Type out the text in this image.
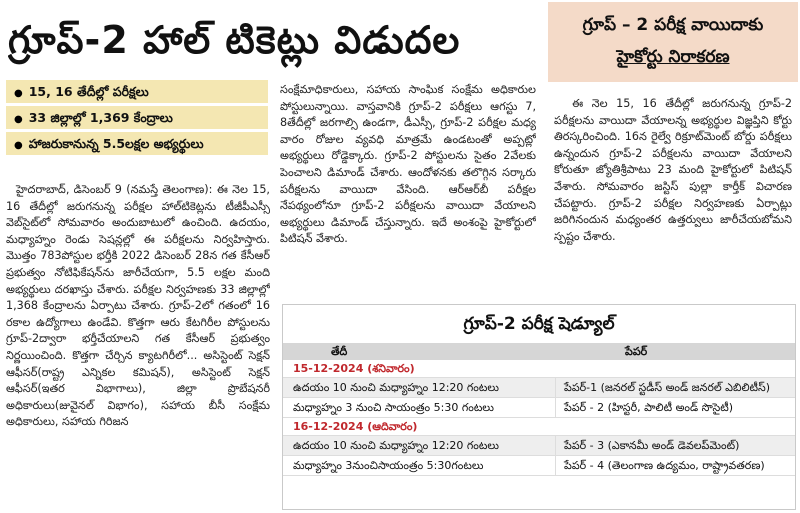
గ్రూప్‌-2 హాల్‌ టికెట్లు విడుదల
● 15, 16 తేదీల్లో పరీక్షలు
● 33 జిల్లాల్లో 1,369 కేంద్రాలు
● హాజరుకానున్న 5.5లక్షల అభ్యర్థులు

హైదరాబాద్‌, డిసెంబర్‌ 9 (నమస్తే తెలంగాణ): ఈ నెల 15, 16 తేదీల్లో జరుగనున్న పరీక్షల హాల్‌టికెట్లను టీజీపీఎస్సీ వెబ్‌సైట్‌లో సోమవారం అందుబాటులో ఉంచింది. ఉదయం, మధ్యాహ్నం రెండు సెషన్లల్లో ఈ పరీక్షలను నిర్వహిస్తారు. మొత్తం 783పోస్టుల భర్తీకి 2022 డిసెంబర్‌ 28న గత కేసీఆర్‌ ప్రభుత్వం నోటిఫికేషన్‌ను జారీచేయగా, 5.5 లక్షల మంది అభ్యర్థులు దరఖాస్తు చేశారు. పరీక్షల నిర్వహణకు 33 జిల్లాల్లో 1,368 కేంద్రాలను ఏర్పాటు చేశారు. గ్రూప్‌-2లో గతంలో 16 రకాల ఉద్యోగాలు ఉండేవి. కొత్తగా ఆరు కేటగిరీల పోస్టులను గ్రూప్‌-2ద్వారా భర్తీచేయాలని గత కేసీఆర్‌ ప్రభుత్వం నిర్ణయించింది. కొత్తగా చేర్చిన క్యాటగిరీలో... అసిస్టెంట్‌ సెక్షన్‌ ఆఫీసర్‌(రాష్ట్ర ఎన్నికల కమిషన్‌), అసిస్టెంట్‌ సెక్షన్‌ ఆఫీసర్‌(ఇతర విభాగాలు), జిల్లా ప్రొబేషనరీ అధికారులు(జువైనల్‌ విభాగం), సహాయ బీసీ సంక్షేమ అధికారులు, సహాయ గిరిజన

సంక్షేమాధికారులు, సహాయ సాంఘిక సంక్షేమ అధికారుల పోస్టులున్నాయి. వాస్తవానికి గ్రూప్‌-2 పరీక్షలు ఆగస్టు 7, 8తేదీల్లో జరగాల్సి ఉండగా, డీఎస్సీ, గ్రూప్‌-2 పరీక్షల మధ్య వారం రోజుల వ్యవధి మాత్రమే ఉండటంతో అప్పట్లో అభ్యర్థులు రోడ్డెక్కారు. గ్రూప్‌-2 పోస్టులను సైతం 2వేలకు పెంచాలని డిమాండ్‌ చేశారు. ఆందోళనకు తలొగ్గిన సర్కారు పరీక్షలను వాయిదా వేసింది. ఆర్‌ఆర్‌బీ పరీక్షల నేపథ్యంలోనూ గ్రూప్‌-2 పరీక్షలను వాయిదా వేయాలని అభ్యర్థులు డిమాండ్‌ చేస్తున్నారు. ఇదే అంశంపై హైకోర్టులో పిటిషన్‌ వేశారు.

గ్రూప్‌ – 2 పరీక్ష వాయిదాకు
హైకోర్టు నిరాకరణ

ఈ నెల 15, 16 తేదీల్లో జరుగనున్న గ్రూప్‌-2 పరీక్షలను వాయిదా వేయాలన్న అభ్యర్థుల విజ్ఞప్తిని కోర్టు తిరస్కరించింది. 16న రైల్వే రిక్రూట్‌మెంట్‌ బోర్డు పరీక్షలు ఉన్నందున గ్రూప్‌-2 పరీక్షలను వాయిదా వేయాలని కోరుతూ జ్యోతిశ్రీపాటు 23 మంది హైకోర్టులో పిటిషన్‌ వేశారు. సోమవారం జస్టిస్‌ పుల్లా కార్తీక్‌ విచారణ చేపట్టారు. గ్రూప్‌-2 పరీక్షల నిర్వహణకు ఏర్పాట్లు జరిగినందున మధ్యంతర ఉత్తర్వులు జారీచేయబోమని స్పష్టం చేశారు.

గ్రూప్‌-2 పరీక్ష షెడ్యూల్‌
తేదీ	పేపర్‌
15-12-2024 (శనివారం)
ఉదయం 10 నుంచి మధ్యాహ్నం 12:20 గంటలు	పేపర్‌-1 (జనరల్‌ స్టడీస్‌ అండ్‌ జనరల్‌ ఎబిలిటీస్‌)
మధ్యాహ్నం 3 నుంచి సాయంత్రం 5:30 గంటలు	పేపర్‌ - 2 (హిస్టరీ, పాలిటీ అండ్‌ సొసైటీ)
16-12-2024 (ఆదివారం)
ఉదయం 10 నుంచి మధ్యాహ్నం 12:20 గంటలు	పేపర్‌ - 3 (ఎకానమీ అండ్‌ డెవలప్‌మెంట్‌)
మధ్యాహ్నం 3నుంచిసాయంత్రం 5:30గంటలు	పేపర్‌ - 4 (తెలంగాణ ఉద్యమం, రాష్ట్రావతరణ)
